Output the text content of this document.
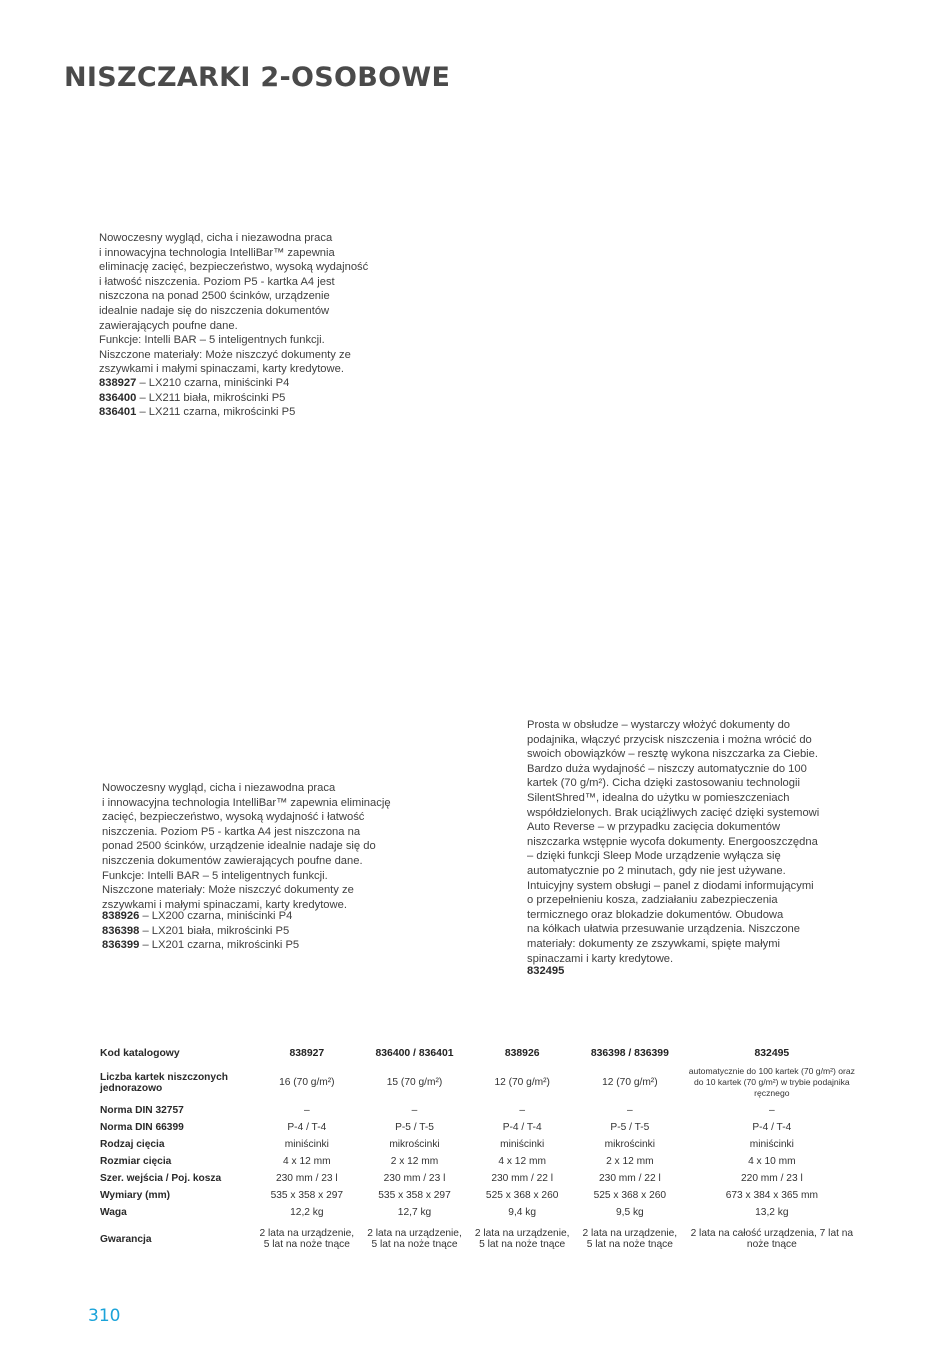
NISZCZARKI 2-OSOBOWE
Nowoczesny wygląd, cicha i niezawodna praca
i innowacyjna technologia IntelliBar™ zapewnia
eliminację zacięć, bezpieczeństwo, wysoką wydajność
i łatwość niszczenia. Poziom P5 - kartka A4 jest
niszczona na ponad 2500 ścinków, urządzenie
idealnie nadaje się do niszczenia dokumentów
zawierających poufne dane.
Funkcje: Intelli BAR – 5 inteligentnych funkcji.
Niszczone materiały: Może niszczyć dokumenty ze
zszywkami i małymi spinaczami, karty kredytowe.
838927 – LX210 czarna, miniścinki P4
836400 – LX211 biała, mikrościnki P5
836401 – LX211 czarna, mikrościnki P5
Nowoczesny wygląd, cicha i niezawodna praca
i innowacyjna technologia IntelliBar™ zapewnia eliminację
zacięć, bezpieczeństwo, wysoką wydajność i łatwość
niszczenia. Poziom P5 - kartka A4 jest niszczona na
ponad 2500 ścinków, urządzenie idealnie nadaje się do
niszczenia dokumentów zawierających poufne dane.
Funkcje: Intelli BAR – 5 inteligentnych funkcji.
Niszczone materiały: Może niszczyć dokumenty ze
zszywkami i małymi spinaczami, karty kredytowe.
838926 – LX200 czarna, miniścinki P4
836398 – LX201 biała, mikrościnki P5
836399 – LX201 czarna, mikrościnki P5
Prosta w obsłudze – wystarczy włożyć dokumenty do
podajnika, włączyć przycisk niszczenia i można wrócić do
swoich obowiązków – resztę wykona niszczarka za Ciebie.
Bardzo duża wydajność – niszczy automatycznie do 100
kartek (70 g/m²). Cicha dzięki zastosowaniu technologii
SilentShred™, idealna do użytku w pomieszczeniach
współdzielonych. Brak uciążliwych zacięć dzięki systemowi
Auto Reverse – w przypadku zacięcia dokumentów
niszczarka wstępnie wycofa dokumenty. Energooszczędna
– dzięki funkcji Sleep Mode urządzenie wyłącza się
automatycznie po 2 minutach, gdy nie jest używane.
Intuicyjny system obsługi – panel z diodami informującymi
o przepełnieniu kosza, zadziałaniu zabezpieczenia
termicznego oraz blokadzie dokumentów. Obudowa
na kółkach ułatwia przesuwanie urządzenia. Niszczone
materiały: dokumenty ze zszywkami, spięte małymi
spinaczami i karty kredytowe.
832495
Kod katalogowy	838927	836400 / 836401	838926	836398 / 836399	832495
Liczba kartek niszczonych jednorazowo	16 (70 g/m²)	15 (70 g/m²)	12 (70 g/m²)	12 (70 g/m²)	automatycznie do 100 kartek (70 g/m²) oraz do 10 kartek (70 g/m²) w trybie podajnika ręcznego
Norma DIN 32757	–	–	–	–	–
Norma DIN 66399	P-4 / T-4	P-5 / T-5	P-4 / T-4	P-5 / T-5	P-4 / T-4
Rodzaj cięcia	miniścinki	mikrościnki	miniścinki	mikrościnki	miniścinki
Rozmiar cięcia	4 x 12 mm	2 x 12 mm	4 x 12 mm	2 x 12 mm	4 x 10 mm
Szer. wejścia / Poj. kosza	230 mm / 23 l	230 mm / 23 l	230 mm / 22 l	230 mm / 22 l	220 mm / 23 l
Wymiary (mm)	535 x 358 x 297	535 x 358 x 297	525 x 368 x 260	525 x 368 x 260	673 x 384 x 365 mm
Waga	12,2 kg	12,7 kg	9,4 kg	9,5 kg	13,2 kg
Gwarancja	2 lata na urządzenie, 5 lat na noże tnące	2 lata na urządzenie, 5 lat na noże tnące	2 lata na urządzenie, 5 lat na noże tnące	2 lata na urządzenie, 5 lat na noże tnące	2 lata na całość urządzenia, 7 lat na noże tnące
310
